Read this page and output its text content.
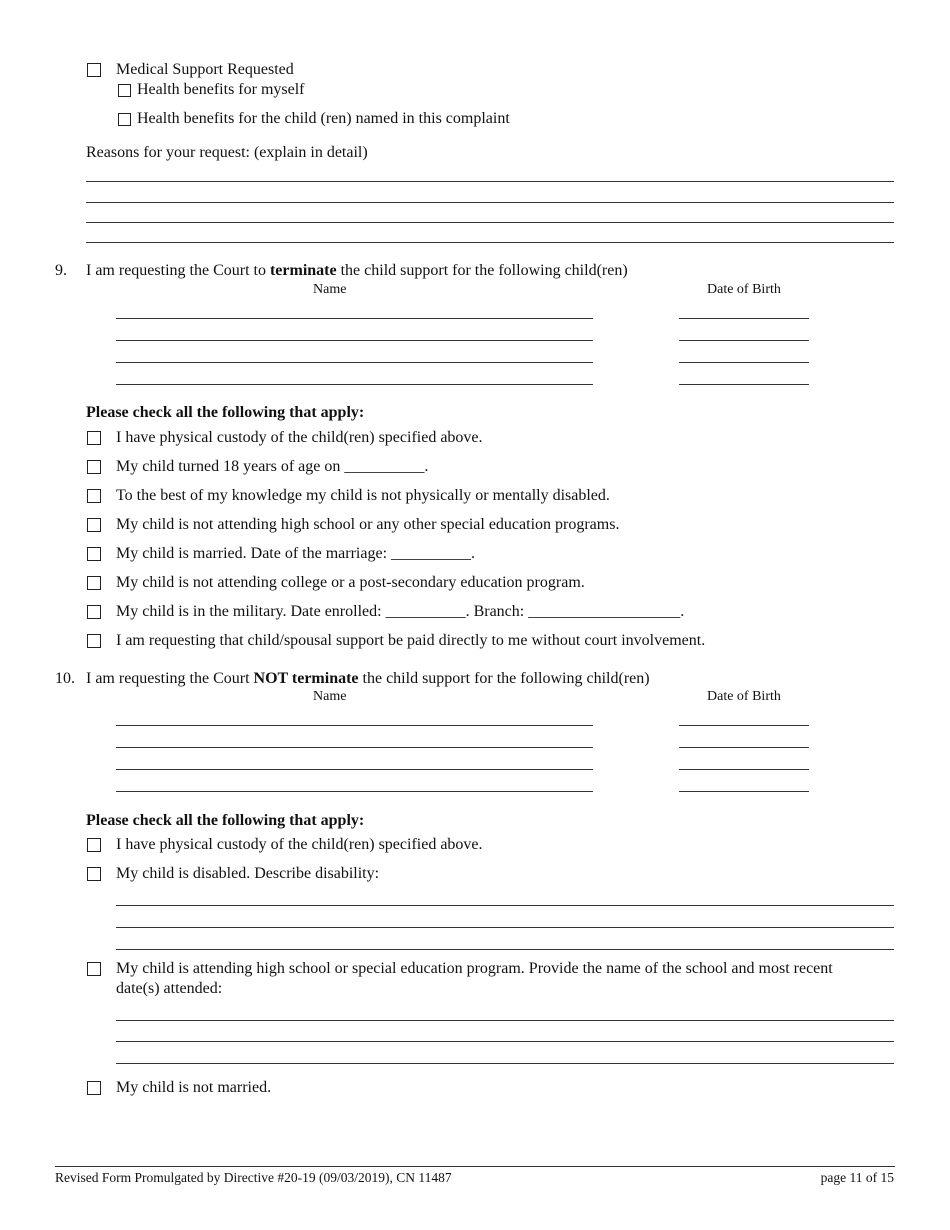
Medical Support Requested
Health benefits for myself
Health benefits for the child (ren) named in this complaint
Reasons for your request: (explain in detail)
9. I am requesting the Court to terminate the child support for the following child(ren)
Name	Date of Birth
Please check all the following that apply:
I have physical custody of the child(ren) specified above.
My child turned 18 years of age on __________.
To the best of my knowledge my child is not physically or mentally disabled.
My child is not attending high school or any other special education programs.
My child is married. Date of the marriage: __________.
My child is not attending college or a post-secondary education program.
My child is in the military. Date enrolled: __________. Branch: ___________________.
I am requesting that child/spousal support be paid directly to me without court involvement.
10. I am requesting the Court NOT terminate the child support for the following child(ren)
Name	Date of Birth
Please check all the following that apply:
I have physical custody of the child(ren) specified above.
My child is disabled. Describe disability:
My child is attending high school or special education program. Provide the name of the school and most recent
date(s) attended:
My child is not married.
Revised Form Promulgated by Directive #20-19 (09/03/2019), CN 11487	page 11 of 15
